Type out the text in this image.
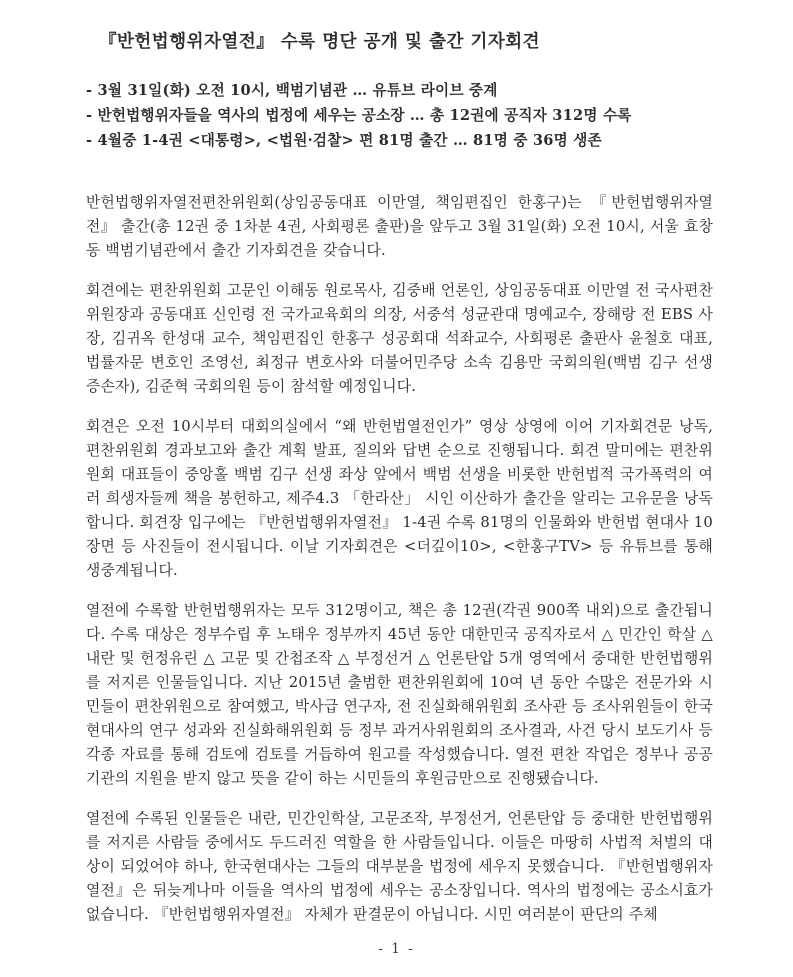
『반헌법행위자열전』 수록 명단 공개 및 출간 기자회견
- 3월 31일(화) 오전 10시, 백범기념관 … 유튜브 라이브 중계
- 반헌법행위자들을 역사의 법정에 세우는 공소장 … 총 12권에 공직자 312명 수록
- 4월중 1-4권 <대통령>, <법원·검찰> 편 81명 출간 … 81명 중 36명 생존

반헌법행위자열전편찬위원회(상임공동대표 이만열, 책임편집인 한홍구)는 『반헌법행위자열전』 출간(총 12권 중 1차분 4권, 사회평론 출판)을 앞두고 3월 31일(화) 오전 10시, 서울 효창동 백범기념관에서 출간 기자회견을 갖습니다.

회견에는 편찬위원회 고문인 이해동 원로목사, 김중배 언론인, 상임공동대표 이만열 전 국사편찬위원장과 공동대표 신인령 전 국가교육회의 의장, 서중석 성균관대 명예교수, 장해랑 전 EBS 사장, 김귀옥 한성대 교수, 책임편집인 한홍구 성공회대 석좌교수, 사회평론 출판사 윤철호 대표, 법률자문 변호인 조영선, 최정규 변호사와 더불어민주당 소속 김용만 국회의원(백범 김구 선생 증손자), 김준혁 국회의원 등이 참석할 예정입니다.

회견은 오전 10시부터 대회의실에서 “왜 반헌법열전인가” 영상 상영에 이어 기자회견문 낭독, 편찬위원회 경과보고와 출간 계획 발표, 질의와 답변 순으로 진행됩니다. 회견 말미에는 편찬위원회 대표들이 중앙홀 백범 김구 선생 좌상 앞에서 백범 선생을 비롯한 반헌법적 국가폭력의 여러 희생자들께 책을 봉헌하고, 제주4.3 「한라산」 시인 이산하가 출간을 알리는 고유문을 낭독합니다. 회견장 입구에는 『반헌법행위자열전』 1-4권 수록 81명의 인물화와 반헌법 현대사 10장면 등 사진들이 전시됩니다. 이날 기자회견은 <더깊이10>, <한홍구TV> 등 유튜브를 통해 생중계됩니다.

열전에 수록할 반헌법행위자는 모두 312명이고, 책은 총 12권(각권 900쪽 내외)으로 출간됩니다. 수록 대상은 정부수립 후 노태우 정부까지 45년 동안 대한민국 공직자로서 △ 민간인 학살 △ 내란 및 헌정유린 △ 고문 및 간첩조작 △ 부정선거 △ 언론탄압 5개 영역에서 중대한 반헌법행위를 저지른 인물들입니다. 지난 2015년 출범한 편찬위원회에 10여 년 동안 수많은 전문가와 시민들이 편찬위원으로 참여했고, 박사급 연구자, 전 진실화해위원회 조사관 등 조사위원들이 한국현대사의 연구 성과와 진실화해위원회 등 정부 과거사위원회의 조사결과, 사건 당시 보도기사 등 각종 자료를 통해 검토에 검토를 거듭하여 원고를 작성했습니다. 열전 편찬 작업은 정부나 공공기관의 지원을 받지 않고 뜻을 같이 하는 시민들의 후원금만으로 진행됐습니다.

열전에 수록된 인물들은 내란, 민간인학살, 고문조작, 부정선거, 언론탄압 등 중대한 반헌법행위를 저지른 사람들 중에서도 두드러진 역할을 한 사람들입니다. 이들은 마땅히 사법적 처벌의 대상이 되었어야 하나, 한국현대사는 그들의 대부분을 법정에 세우지 못했습니다. 『반헌법행위자열전』은 뒤늦게나마 이들을 역사의 법정에 세우는 공소장입니다. 역사의 법정에는 공소시효가 없습니다. 『반헌법행위자열전』 자체가 판결문이 아닙니다. 시민 여러분이 판단의 주체

- 1 -
